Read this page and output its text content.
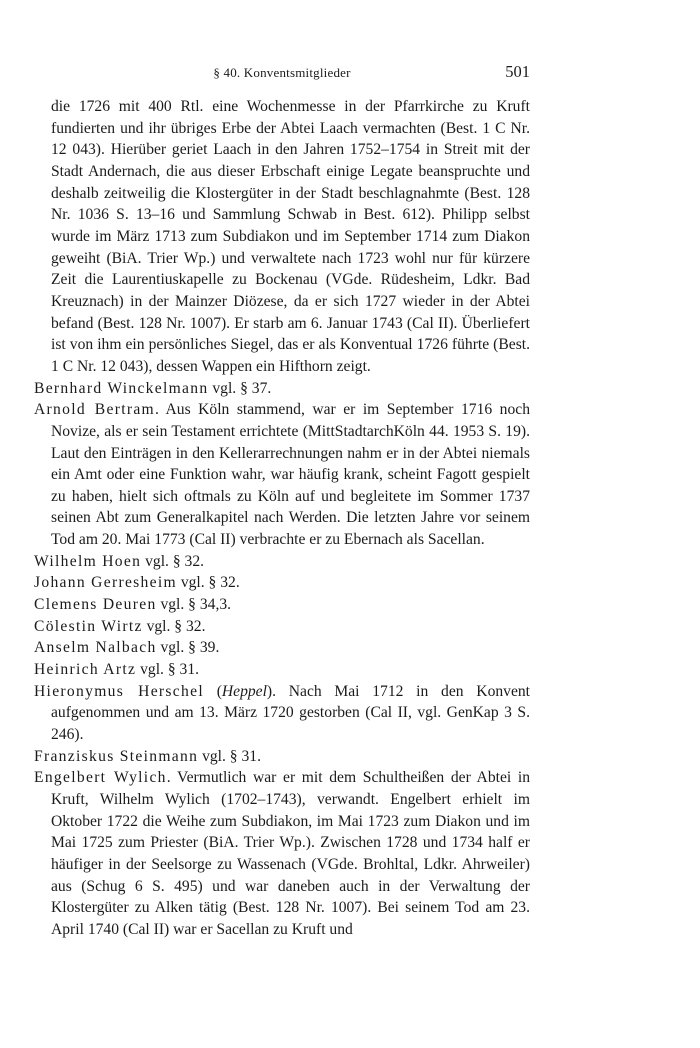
§ 40. Konventsmitglieder	501

die 1726 mit 400 Rtl. eine Wochenmesse in der Pfarrkirche zu Kruft fundierten und ihr übriges Erbe der Abtei Laach vermachten (Best. 1 C Nr. 12 043). Hierüber geriet Laach in den Jahren 1752–1754 in Streit mit der Stadt Andernach, die aus dieser Erbschaft einige Legate beanspruchte und deshalb zeitweilig die Klostergüter in der Stadt beschlagnahmte (Best. 128 Nr. 1036 S. 13–16 und Sammlung Schwab in Best. 612). Philipp selbst wurde im März 1713 zum Subdiakon und im September 1714 zum Diakon geweiht (BiA. Trier Wp.) und verwaltete nach 1723 wohl nur für kürzere Zeit die Laurentiuskapelle zu Bockenau (VGde. Rüdesheim, Ldkr. Bad Kreuznach) in der Mainzer Diözese, da er sich 1727 wieder in der Abtei befand (Best. 128 Nr. 1007). Er starb am 6. Januar 1743 (Cal II). Überliefert ist von ihm ein persönliches Siegel, das er als Konventual 1726 führte (Best. 1 C Nr. 12 043), dessen Wappen ein Hifthorn zeigt.

Bernhard Winckelmann vgl. § 37.

Arnold Bertram. Aus Köln stammend, war er im September 1716 noch Novize, als er sein Testament errichtete (MittStadtarchKöln 44. 1953 S. 19). Laut den Einträgen in den Kellerarrechnungen nahm er in der Abtei niemals ein Amt oder eine Funktion wahr, war häufig krank, scheint Fagott gespielt zu haben, hielt sich oftmals zu Köln auf und begleitete im Sommer 1737 seinen Abt zum Generalkapitel nach Werden. Die letzten Jahre vor seinem Tod am 20. Mai 1773 (Cal II) verbrachte er zu Ebernach als Sacellan.

Wilhelm Hoen vgl. § 32.

Johann Gerresheim vgl. § 32.

Clemens Deuren vgl. § 34,3.

Cölestin Wirtz vgl. § 32.

Anselm Nalbach vgl. § 39.

Heinrich Artz vgl. § 31.

Hieronymus Herschel (Heppel). Nach Mai 1712 in den Konvent aufgenommen und am 13. März 1720 gestorben (Cal II, vgl. GenKap 3 S. 246).

Franziskus Steinmann vgl. § 31.

Engelbert Wylich. Vermutlich war er mit dem Schultheißen der Abtei in Kruft, Wilhelm Wylich (1702–1743), verwandt. Engelbert erhielt im Oktober 1722 die Weihe zum Subdiakon, im Mai 1723 zum Diakon und im Mai 1725 zum Priester (BiA. Trier Wp.). Zwischen 1728 und 1734 half er häufiger in der Seelsorge zu Wassenach (VGde. Brohltal, Ldkr. Ahrweiler) aus (Schug 6 S. 495) und war daneben auch in der Verwaltung der Klostergüter zu Alken tätig (Best. 128 Nr. 1007). Bei seinem Tod am 23. April 1740 (Cal II) war er Sacellan zu Kruft und
